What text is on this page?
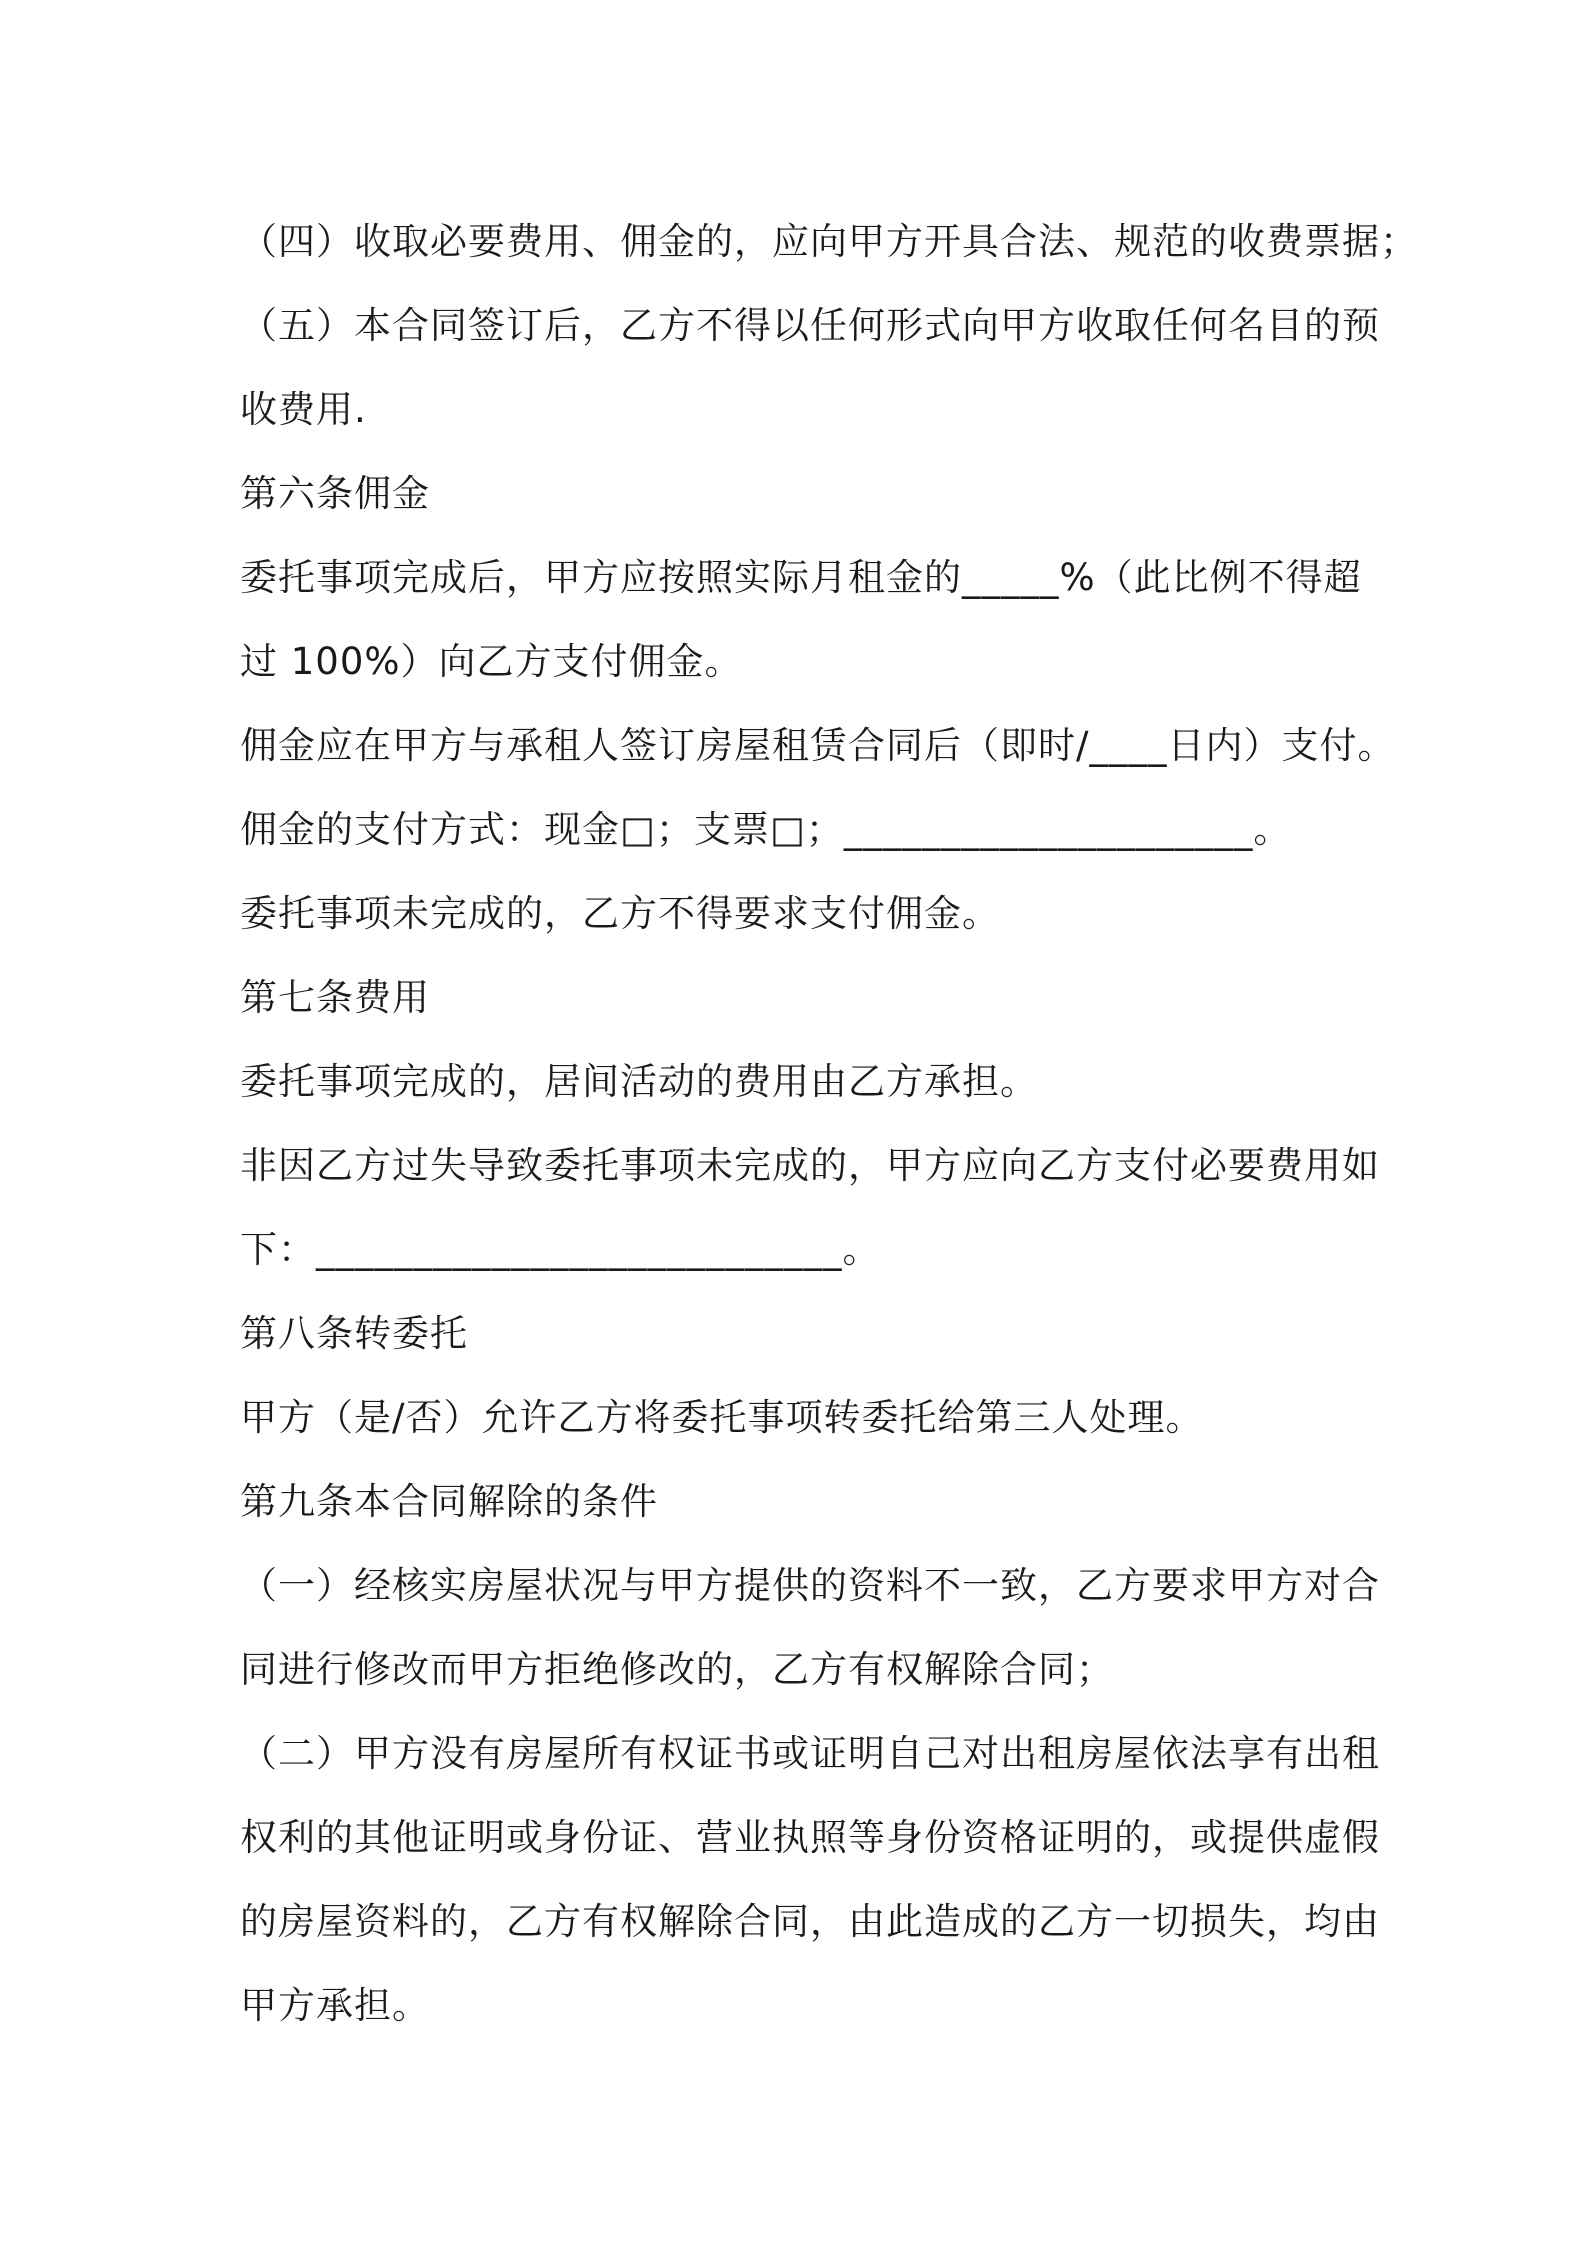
（四）收取必要费用、佣金的，应向甲方开具合法、规范的收费票据；
（五）本合同签订后，乙方不得以任何形式向甲方收取任何名目的预
收费用.
第六条佣金
委托事项完成后，甲方应按照实际月租金的_____%（此比例不得超
过 100%）向乙方支付佣金。
佣金应在甲方与承租人签订房屋租赁合同后（即时/____日内）支付。
佣金的支付方式：现金□；支票□；_____________________。
委托事项未完成的，乙方不得要求支付佣金。
第七条费用
委托事项完成的，居间活动的费用由乙方承担。
非因乙方过失导致委托事项未完成的，甲方应向乙方支付必要费用如
下：___________________________。
第八条转委托
甲方（是/否）允许乙方将委托事项转委托给第三人处理。
第九条本合同解除的条件
（一）经核实房屋状况与甲方提供的资料不一致，乙方要求甲方对合
同进行修改而甲方拒绝修改的，乙方有权解除合同；
（二）甲方没有房屋所有权证书或证明自己对出租房屋依法享有出租
权利的其他证明或身份证、营业执照等身份资格证明的，或提供虚假
的房屋资料的，乙方有权解除合同，由此造成的乙方一切损失，均由
甲方承担。
